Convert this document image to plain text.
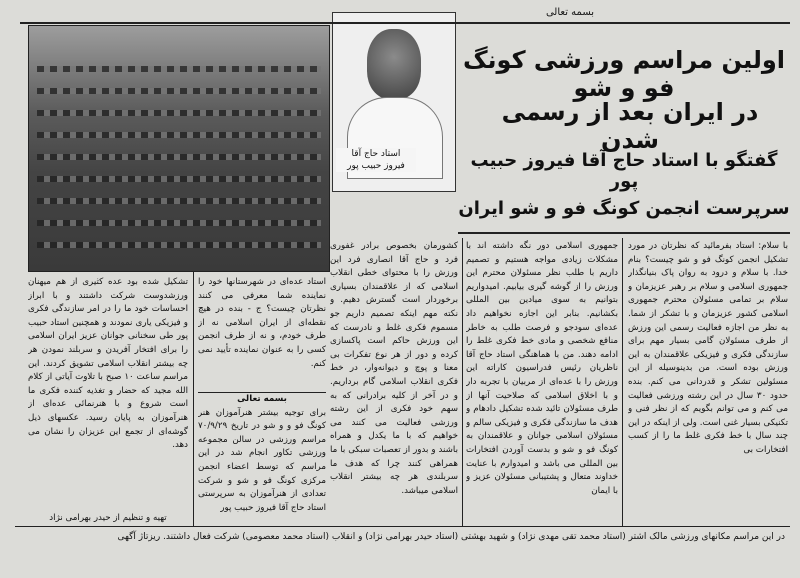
بسمه تعالی
استاد حاج آقا
فیروز حبیب پور
اولین مراسم ورزشی کونگ فو و شو
در ایران بعد از رسمی شدن
گفتگو با استاد حاج آقا فیروز حبیب پور
سرپرست انجمن کونگ فو و شو ایران
با سلام: استاد بفرمائید که نظرتان در مورد تشکیل انجمن کونگ فو و شو چیست؟ بنام خدا. با سلام و درود به روان پاک بنیانگذار جمهوری اسلامی و سلام بر رهبر عزیزمان و سلام بر تمامی مسئولان محترم جمهوری اسلامی کشور عزیزمان و با تشکر از شما. به نظر من اجازه فعالیت رسمی این ورزش از طرف مسئولان گامی بسیار مهم برای سازندگی فکری و فیزیکی علاقمندان به این ورزش بوده است. من بدینوسیله از این مسئولین تشکر و قدردانی می کنم. بنده حدود ۳۰ سال در این رشته ورزشی فعالیت می کنم و می توانم بگویم که از نظر فنی و تکنیکی بسیار غنی است. ولی از اینکه در این چند سال با خط فکری غلط ما را از کسب افتخارات بی
جمهوری اسلامی دور نگه داشته اند با مشکلات زیادی مواجه هستیم و تصمیم داریم با طلب نظر مسئولان محترم این ورزش را از گوشه گیری بیابیم. امیدواریم بتوانیم به سوی میادین بین المللی بکشانیم. بنابر این اجازه نخواهیم داد عده‌ای سودجو و فرصت طلب به خاطر منافع شخصی و مادی خط فکری غلط را ادامه دهند. من با هماهنگی استاد حاج آقا ناظریان رئیس فدراسیون کاراته این ورزش را با عده‌ای از مربیان با تجربه دار و با اخلاق اسلامی که صلاحیت آنها از طرف مسئولان تائید شده تشکیل دادهام و هدف ما سازندگی فکری و فیزیکی سالم و مسئولان اسلامی جوانان و علاقمندان به کونگ فو و شو و بدست آوردن افتخارات بین المللی می باشد و امیدوارم با عنایت خداوند متعال و پشتیبانی مسئولان عزیز و با ایمان
کشورمان بخصوص برادر غفوری فرد و حاج آقا انصاری فرد این ورزش را با محتوای خطی انقلاب اسلامی که از علاقمندان بسیاری برخوردار است گسترش دهیم. و نکته مهم اینکه تصمیم داریم جو مسموم فکری غلط و نادرست که این ورزش حاکم است پاکسازی کرده و دور از هر نوع تفکرات بی معنا و پوچ و دیوانه‌وار، در خط فکری انقلاب اسلامی گام برداریم. و در آخر از کلیه برادرانی که به سهم خود فکری از این رشته ورزشی فعالیت می کنند می خواهیم که با ما یکدل و همراه باشند و بدور از تعصبات سبکی با ما همراهی کنند چرا که هدف ما سربلندی هر چه بیشتر انقلاب اسلامی میباشد.
استاد عده‌ای در شهرستانها خود را نماینده شما معرفی می کنند نظرتان چیست؟ ج - بنده در هیچ نقطه‌ای از ایران اسلامی نه از طرف خودم، و نه از طرف انجمن کسی را به عنوان نماینده تأیید نمی کنم.
بسمه تعالی
برای توجیه بیشتر هنرآموزان هنر کونگ فو و و شو در تاریخ ۷۰/۹/۲۹ مراسم ورزشی در سالن مجموعه ورزشی تکاور انجام شد در این مراسم که توسط اعضاء انجمن مرکزی کونگ فو و شو و شرکت تعدادی از هنرآموزان به سرپرستی استاد حاج آقا فیروز حبیب پور
تشکیل شده بود عده کثیری از هم میهنان ورزشدوست شرکت داشتند و با ابراز احساسات خود ما را در امر سازندگی فکری و فیزیکی یاری نمودند و همچنین استاد حبیب پور طی سخنانی جوانان عزیز ایران اسلامی را برای افتخار آفریدن و سربلند نمودن هر چه بیشتر انقلاب اسلامی تشویق کردند. این مراسم ساعت ۱۰ صبح با تلاوت آیاتی از کلام الله مجید که حضار و تغذیه کننده فکری ما است شروع و با هنرنمائی عده‌ای از هنرآموزان به پایان رسید. عکسهای ذیل گوشه‌ای از تجمع این عزیزان را نشان می دهد.
تهیه و تنظیم از حیدر بهرامی نژاد
در این مراسم مکانهای ورزشی مالک اشتر (استاد محمد تقی مهدی نژاد) و شهید بهشتی (استاد حیدر بهرامی نژاد) و انقلاب (استاد محمد معصومی) شرکت فعال داشتند. ریزتاژ آگهی
